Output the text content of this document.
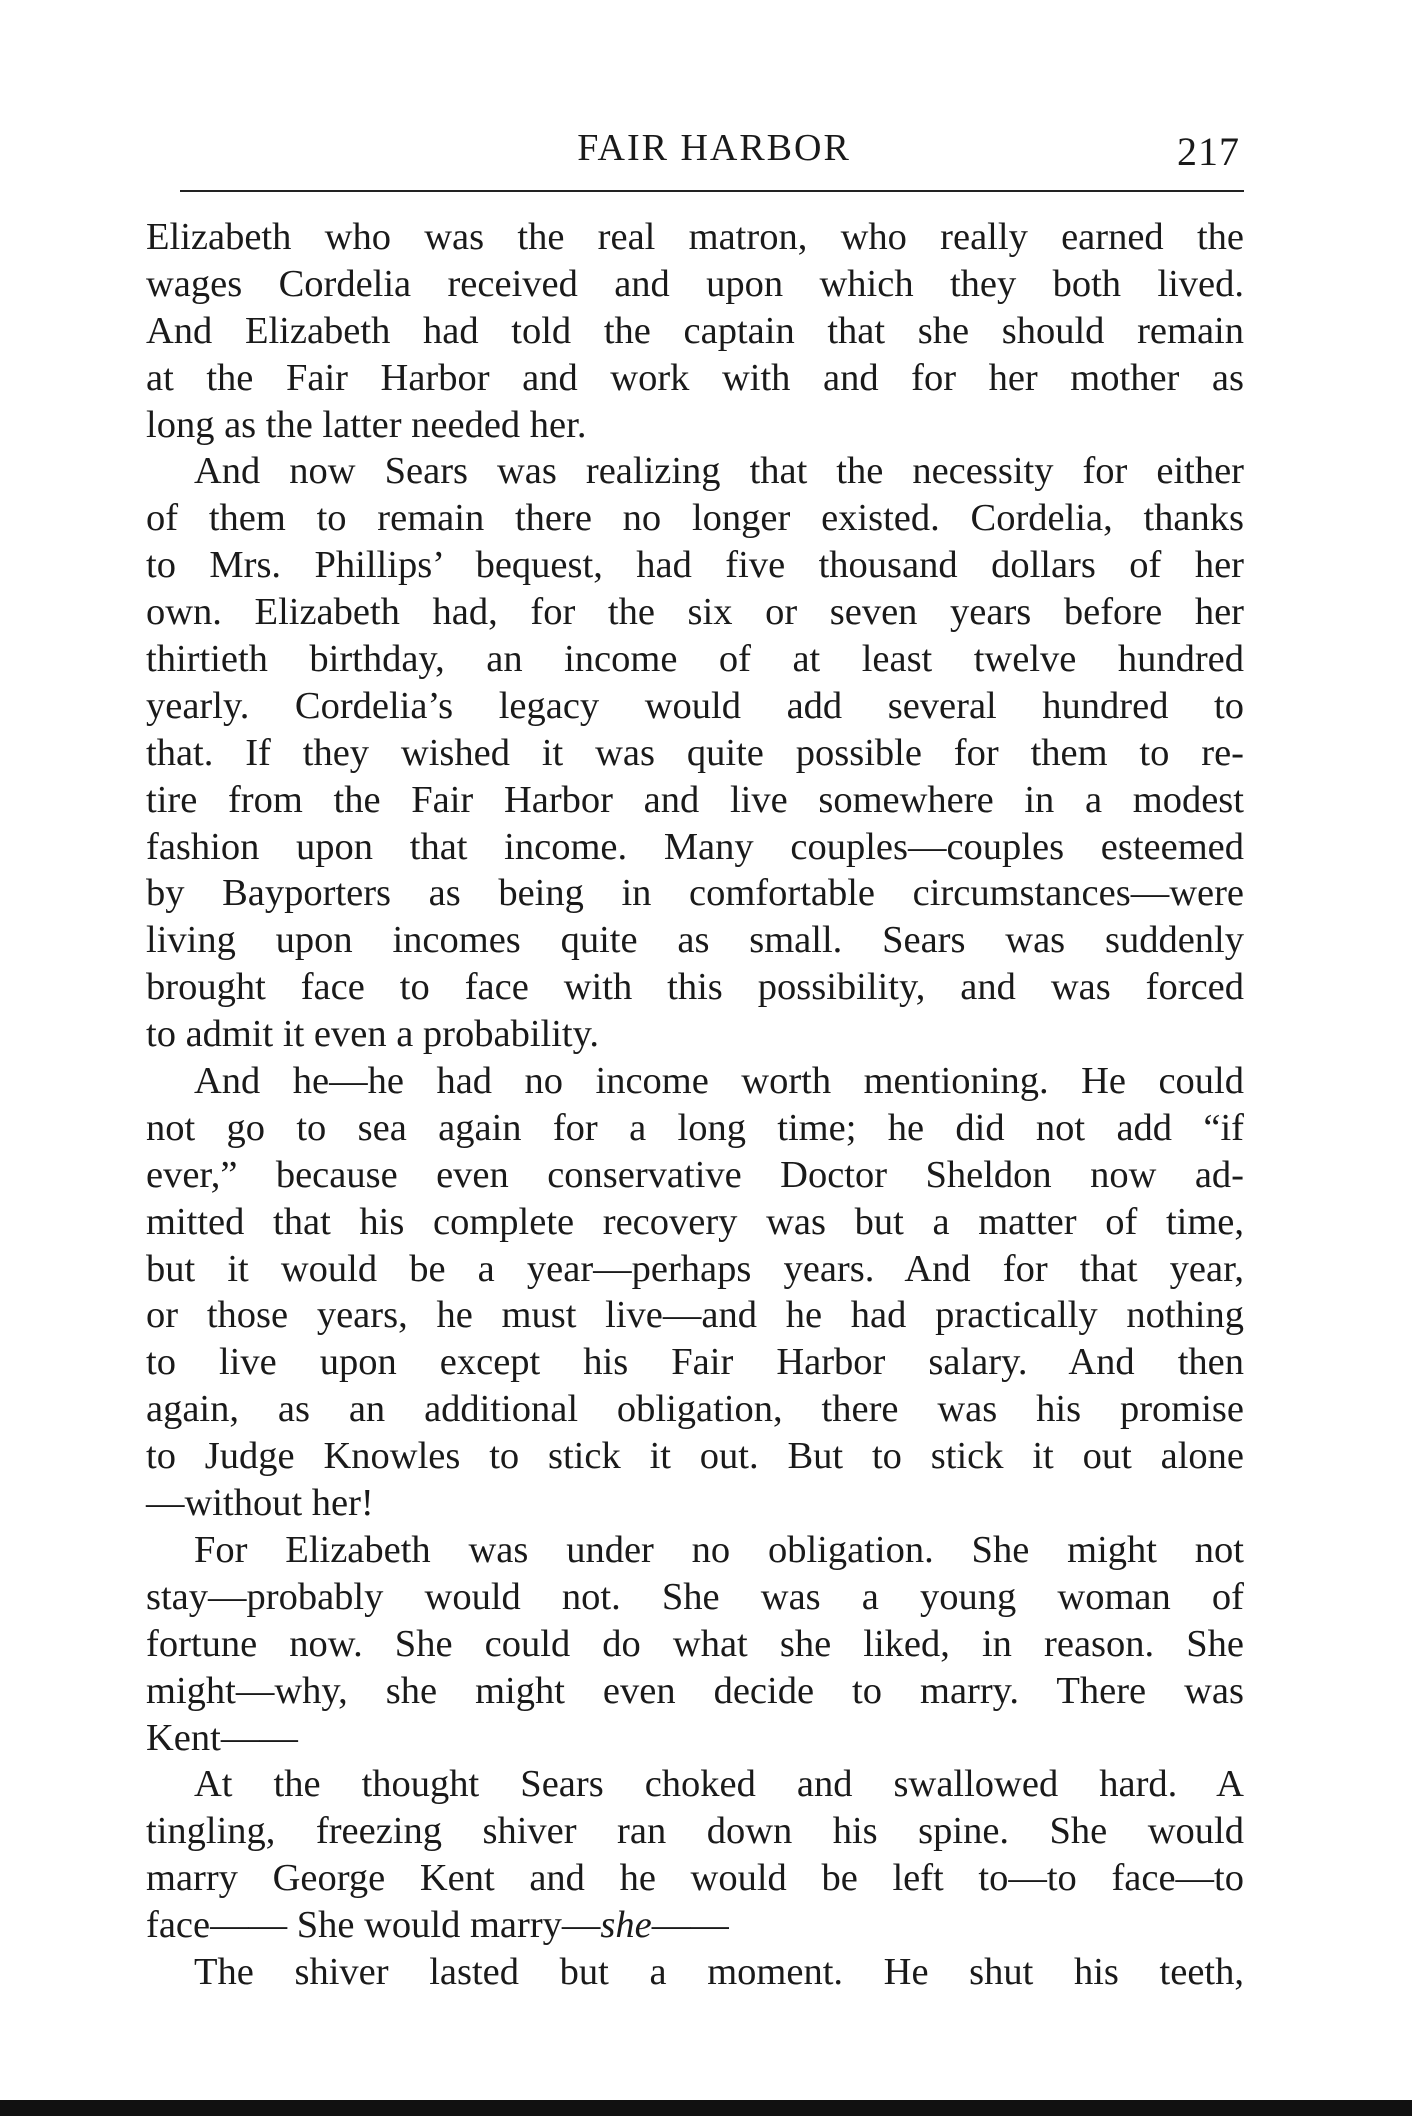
FAIR HARBOR	217
Elizabeth who was the real matron, who really earned the
wages Cordelia received and upon which they both lived.
And Elizabeth had told the captain that she should remain
at the Fair Harbor and work with and for her mother as
long as the latter needed her.
And now Sears was realizing that the necessity for either
of them to remain there no longer existed. Cordelia, thanks
to Mrs. Phillips’ bequest, had five thousand dollars of her
own. Elizabeth had, for the six or seven years before her
thirtieth birthday, an income of at least twelve hundred
yearly. Cordelia’s legacy would add several hundred to
that. If they wished it was quite possible for them to re-
tire from the Fair Harbor and live somewhere in a modest
fashion upon that income. Many couples—couples esteemed
by Bayporters as being in comfortable circumstances—were
living upon incomes quite as small. Sears was suddenly
brought face to face with this possibility, and was forced
to admit it even a probability.
And he—he had no income worth mentioning. He could
not go to sea again for a long time; he did not add “if
ever,” because even conservative Doctor Sheldon now ad-
mitted that his complete recovery was but a matter of time,
but it would be a year—perhaps years. And for that year,
or those years, he must live—and he had practically nothing
to live upon except his Fair Harbor salary. And then
again, as an additional obligation, there was his promise
to Judge Knowles to stick it out. But to stick it out alone
—without her!
For Elizabeth was under no obligation. She might not
stay—probably would not. She was a young woman of
fortune now. She could do what she liked, in reason. She
might—why, she might even decide to marry. There was
Kent——
At the thought Sears choked and swallowed hard. A
tingling, freezing shiver ran down his spine. She would
marry George Kent and he would be left to—to face—to
face—— She would marry—she——
The shiver lasted but a moment. He shut his teeth,
